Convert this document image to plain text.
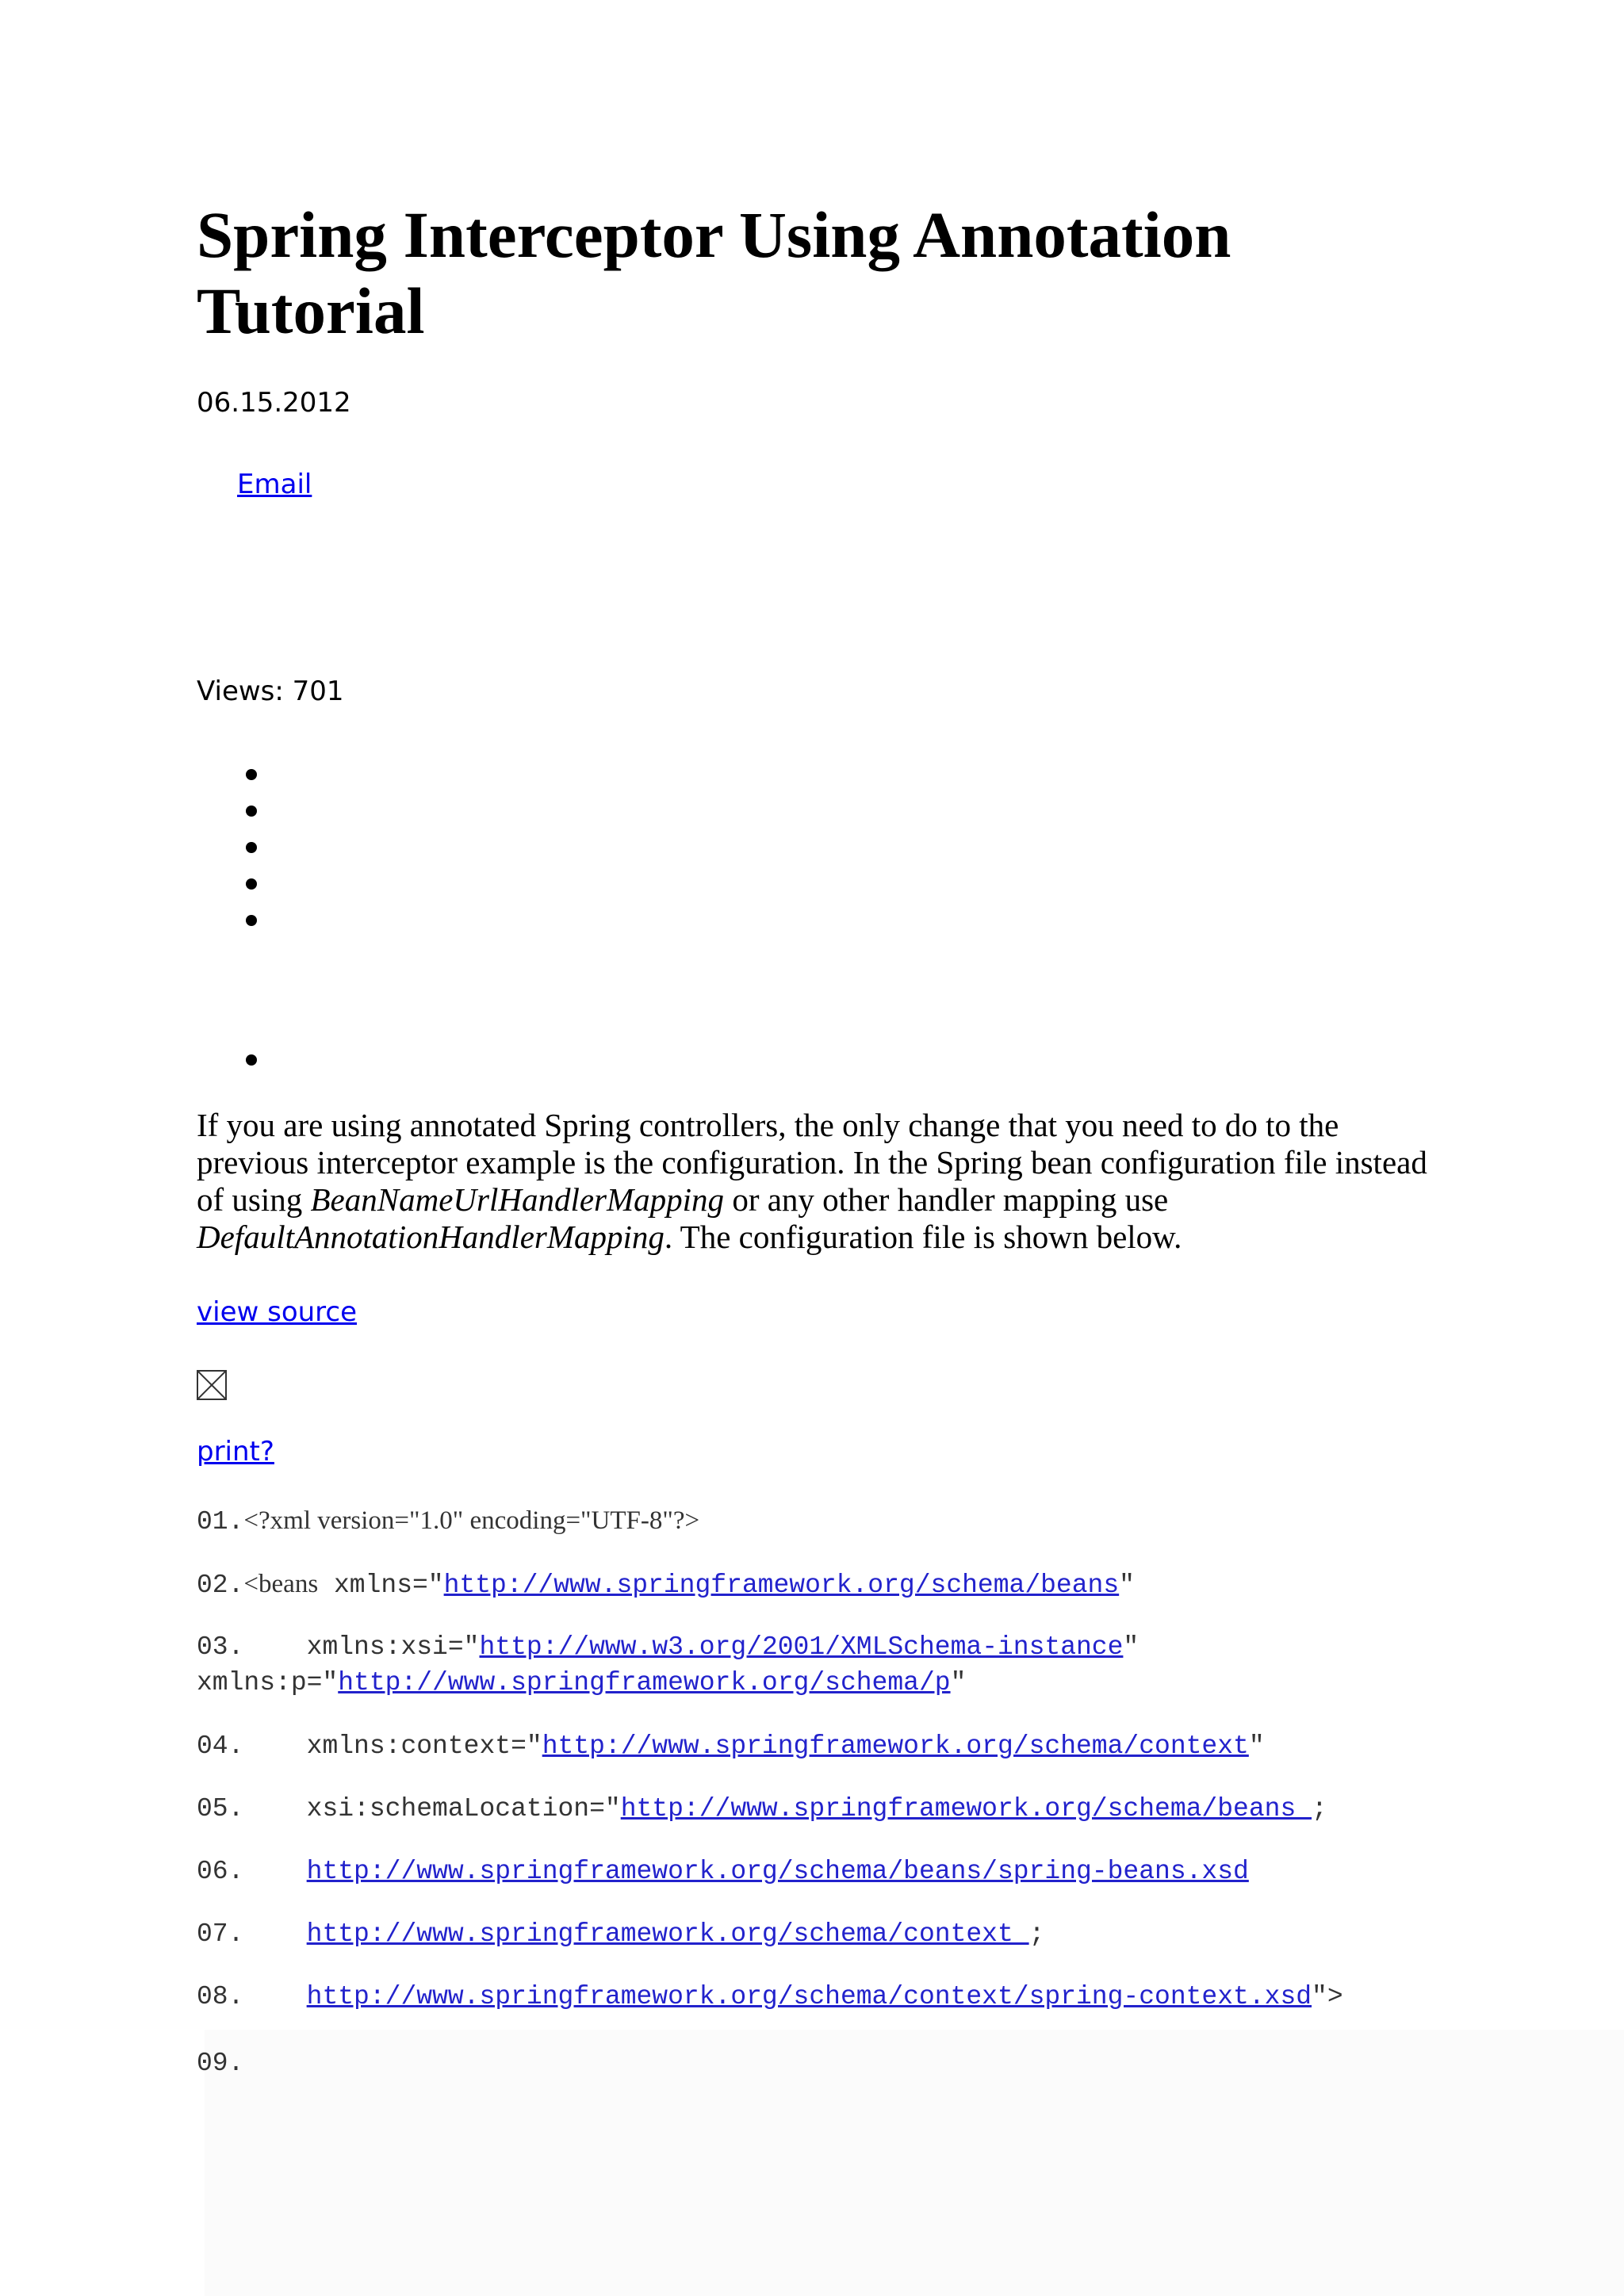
Spring Interceptor Using Annotation Tutorial
06.15.2012
Email
Views: 701

If you are using annotated Spring controllers, the only change that you need to do to the previous interceptor example is the configuration. In the Spring bean configuration file instead of using BeanNameUrlHandlerMapping or any other handler mapping use DefaultAnnotationHandlerMapping. The configuration file is shown below.

view source
print?
01.<?xml version="1.0" encoding="UTF-8"?>
02.<beans xmlns="http://www.springframework.org/schema/beans"
03.    xmlns:xsi="http://www.w3.org/2001/XMLSchema-instance"
xmlns:p="http://www.springframework.org/schema/p"
04.    xmlns:context="http://www.springframework.org/schema/context"
05.    xsi:schemaLocation="http://www.springframework.org/schema/beans ;
06. http://www.springframework.org/schema/beans/spring-beans.xsd
07. http://www.springframework.org/schema/context ;
08. http://www.springframework.org/schema/context/spring-context.xsd">
09.
